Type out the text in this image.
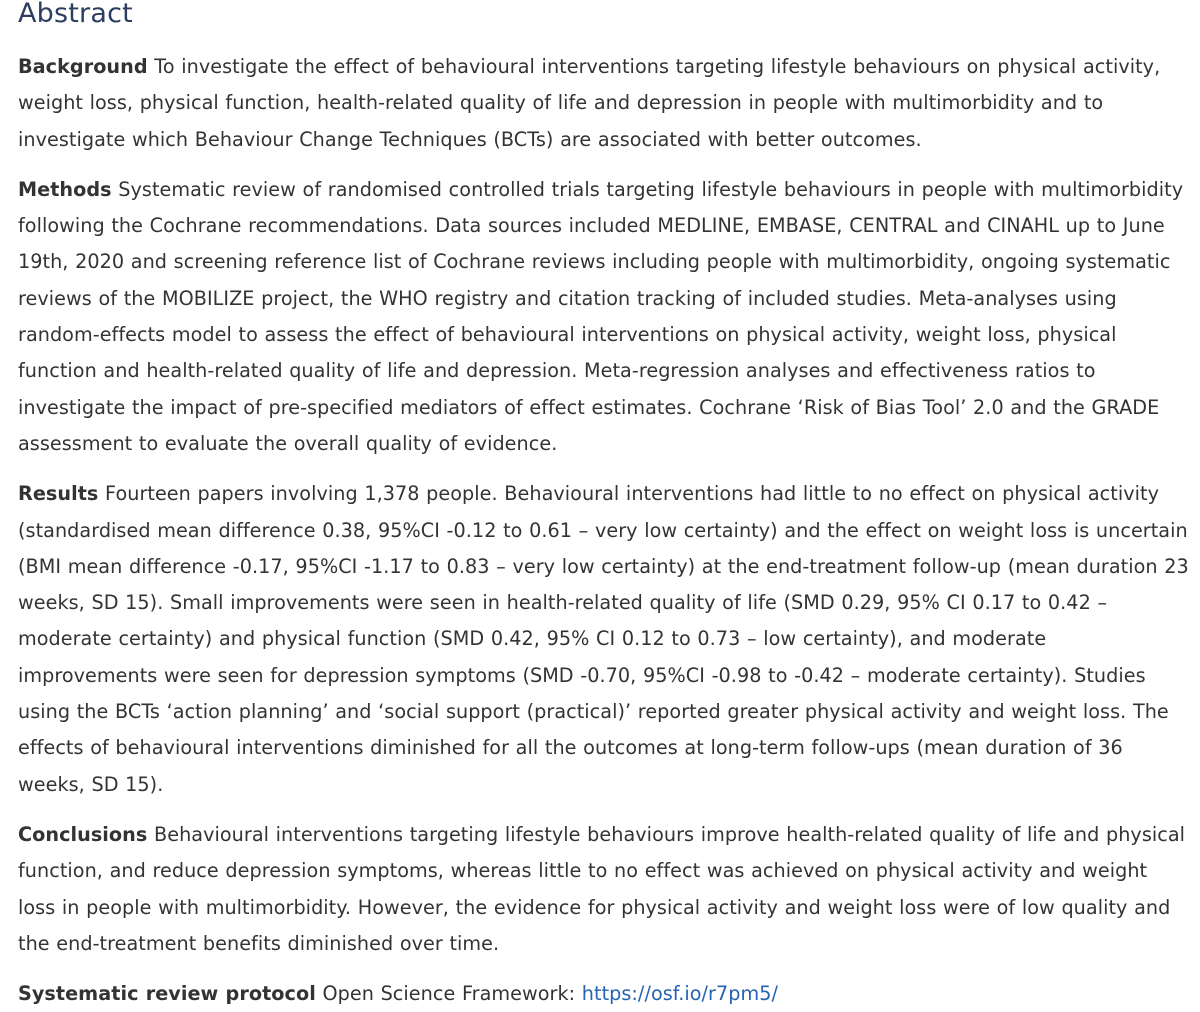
Abstract

Background To investigate the effect of behavioural interventions targeting lifestyle behaviours on physical activity, weight loss, physical function, health-related quality of life and depression in people with multimorbidity and to investigate which Behaviour Change Techniques (BCTs) are associated with better outcomes.

Methods Systematic review of randomised controlled trials targeting lifestyle behaviours in people with multimorbidity following the Cochrane recommendations. Data sources included MEDLINE, EMBASE, CENTRAL and CINAHL up to June 19th, 2020 and screening reference list of Cochrane reviews including people with multimorbidity, ongoing systematic reviews of the MOBILIZE project, the WHO registry and citation tracking of included studies. Meta-analyses using random-effects model to assess the effect of behavioural interventions on physical activity, weight loss, physical function and health-related quality of life and depression. Meta-regression analyses and effectiveness ratios to investigate the impact of pre-specified mediators of effect estimates. Cochrane ‘Risk of Bias Tool’ 2.0 and the GRADE assessment to evaluate the overall quality of evidence.

Results Fourteen papers involving 1,378 people. Behavioural interventions had little to no effect on physical activity (standardised mean difference 0.38, 95%CI -0.12 to 0.61 – very low certainty) and the effect on weight loss is uncertain (BMI mean difference -0.17, 95%CI -1.17 to 0.83 – very low certainty) at the end-treatment follow-up (mean duration 23 weeks, SD 15). Small improvements were seen in health-related quality of life (SMD 0.29, 95% CI 0.17 to 0.42 – moderate certainty) and physical function (SMD 0.42, 95% CI 0.12 to 0.73 – low certainty), and moderate improvements were seen for depression symptoms (SMD -0.70, 95%CI -0.98 to -0.42 – moderate certainty). Studies using the BCTs ‘action planning’ and ‘social support (practical)’ reported greater physical activity and weight loss. The effects of behavioural interventions diminished for all the outcomes at long-term follow-ups (mean duration of 36 weeks, SD 15).

Conclusions Behavioural interventions targeting lifestyle behaviours improve health-related quality of life and physical function, and reduce depression symptoms, whereas little to no effect was achieved on physical activity and weight loss in people with multimorbidity. However, the evidence for physical activity and weight loss were of low quality and the end-treatment benefits diminished over time.

Systematic review protocol Open Science Framework: https://osf.io/r7pm5/
